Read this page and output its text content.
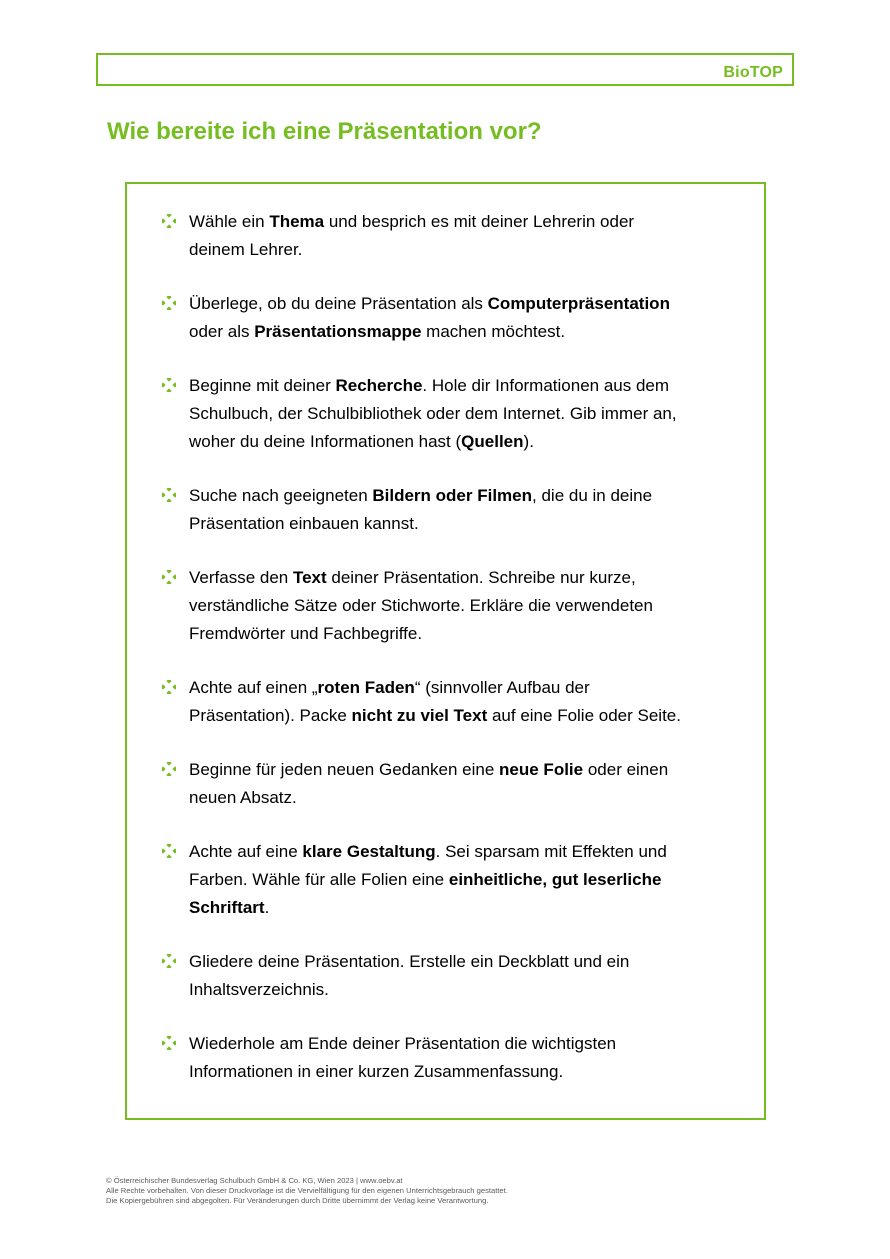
BioTOP
Wie bereite ich eine Präsentation vor?
Wähle ein Thema und besprich es mit deiner Lehrerin oder
deinem Lehrer.
Überlege, ob du deine Präsentation als Computerpräsentation
oder als Präsentationsmappe machen möchtest.
Beginne mit deiner Recherche. Hole dir Informationen aus dem
Schulbuch, der Schulbibliothek oder dem Internet. Gib immer an,
woher du deine Informationen hast (Quellen).
Suche nach geeigneten Bildern oder Filmen, die du in deine
Präsentation einbauen kannst.
Verfasse den Text deiner Präsentation. Schreibe nur kurze,
verständliche Sätze oder Stichworte. Erkläre die verwendeten
Fremdwörter und Fachbegriffe.
Achte auf einen „roten Faden“ (sinnvoller Aufbau der
Präsentation). Packe nicht zu viel Text auf eine Folie oder Seite.
Beginne für jeden neuen Gedanken eine neue Folie oder einen
neuen Absatz.
Achte auf eine klare Gestaltung. Sei sparsam mit Effekten und
Farben. Wähle für alle Folien eine einheitliche, gut leserliche
Schriftart.
Gliedere deine Präsentation. Erstelle ein Deckblatt und ein
Inhaltsverzeichnis.
Wiederhole am Ende deiner Präsentation die wichtigsten
Informationen in einer kurzen Zusammenfassung.
© Österreichischer Bundesverlag Schulbuch GmbH & Co. KG, Wien 2023 | www.oebv.at
Alle Rechte vorbehalten. Von dieser Druckvorlage ist die Vervielfältigung für den eigenen Unterrichtsgebrauch gestattet.
Die Kopiergebühren sind abgegolten. Für Veränderungen durch Dritte übernimmt der Verlag keine Verantwortung.
